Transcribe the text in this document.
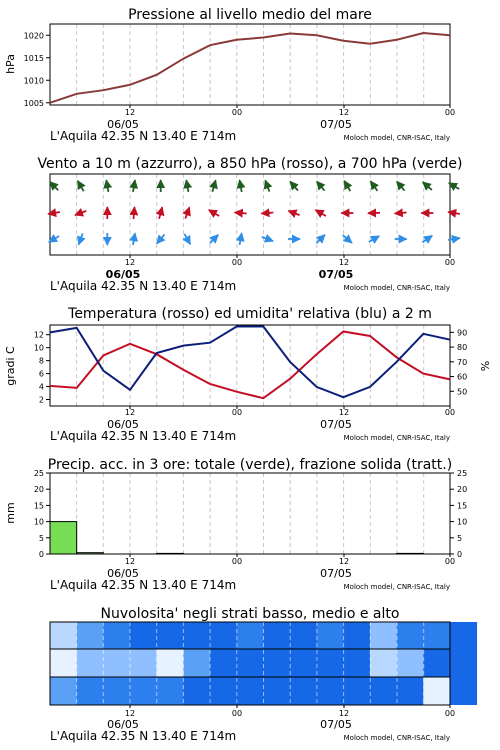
Pressione al livello medio del mare
1005
1010
1015
1020
hPa
12	00	12	00
06/05	07/05
L'Aquila 42.35 N 13.40 E 714m	Moloch model, CNR-ISAC, Italy
Vento a 10 m (azzurro), a 850 hPa (rosso), a 700 hPa (verde)
12	00	12	00
06/05	07/05
L'Aquila 42.35 N 13.40 E 714m	Moloch model, CNR-ISAC, Italy
Temperatura (rosso) ed umidita' relativa (blu) a 2 m
2
4
6
8
10
12
50
60
70
80
90
gradi C	%
12	00	12	00
06/05	07/05
L'Aquila 42.35 N 13.40 E 714m	Moloch model, CNR-ISAC, Italy
Precip. acc. in 3 ore: totale (verde), frazione solida (tratt.)
0
5
10
15
20
25
0
5
10
15
20
25
mm
12	00	12	00
06/05	07/05
L'Aquila 42.35 N 13.40 E 714m	Moloch model, CNR-ISAC, Italy
Nuvolosita' negli strati basso, medio e alto
12	00	12	00
06/05	07/05
L'Aquila 42.35 N 13.40 E 714m	Moloch model, CNR-ISAC, Italy
